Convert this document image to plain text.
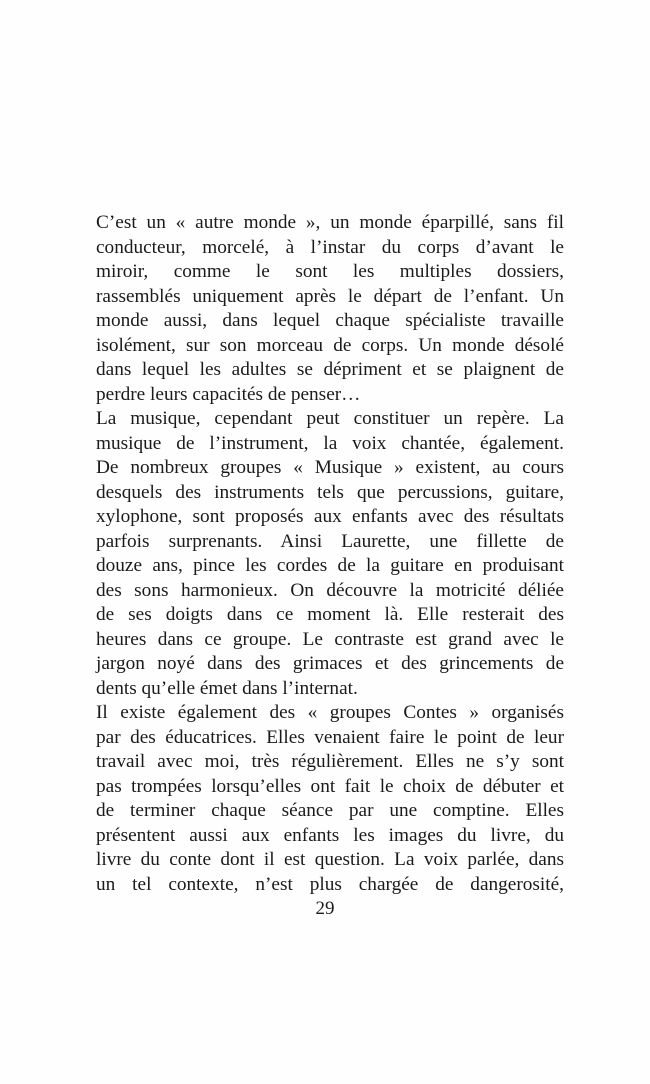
C’est un « autre monde », un monde éparpillé, sans fil
conducteur, morcelé, à l’instar du corps d’avant le
miroir, comme le sont les multiples dossiers,
rassemblés uniquement après le départ de l’enfant. Un
monde aussi, dans lequel chaque spécialiste travaille
isolément, sur son morceau de corps. Un monde désolé
dans lequel les adultes se dépriment et se plaignent de
perdre leurs capacités de penser…
La musique, cependant peut constituer un repère. La
musique de l’instrument, la voix chantée, également.
De nombreux groupes « Musique » existent, au cours
desquels des instruments tels que percussions, guitare,
xylophone, sont proposés aux enfants avec des résultats
parfois surprenants. Ainsi Laurette, une fillette de
douze ans, pince les cordes de la guitare en produisant
des sons harmonieux. On découvre la motricité déliée
de ses doigts dans ce moment là. Elle resterait des
heures dans ce groupe. Le contraste est grand avec le
jargon noyé dans des grimaces et des grincements de
dents qu’elle émet dans l’internat.
Il existe également des « groupes Contes » organisés
par des éducatrices. Elles venaient faire le point de leur
travail avec moi, très régulièrement. Elles ne s’y sont
pas trompées lorsqu’elles ont fait le choix de débuter et
de terminer chaque séance par une comptine. Elles
présentent aussi aux enfants les images du livre, du
livre du conte dont il est question. La voix parlée, dans
un tel contexte, n’est plus chargée de dangerosité,
29
